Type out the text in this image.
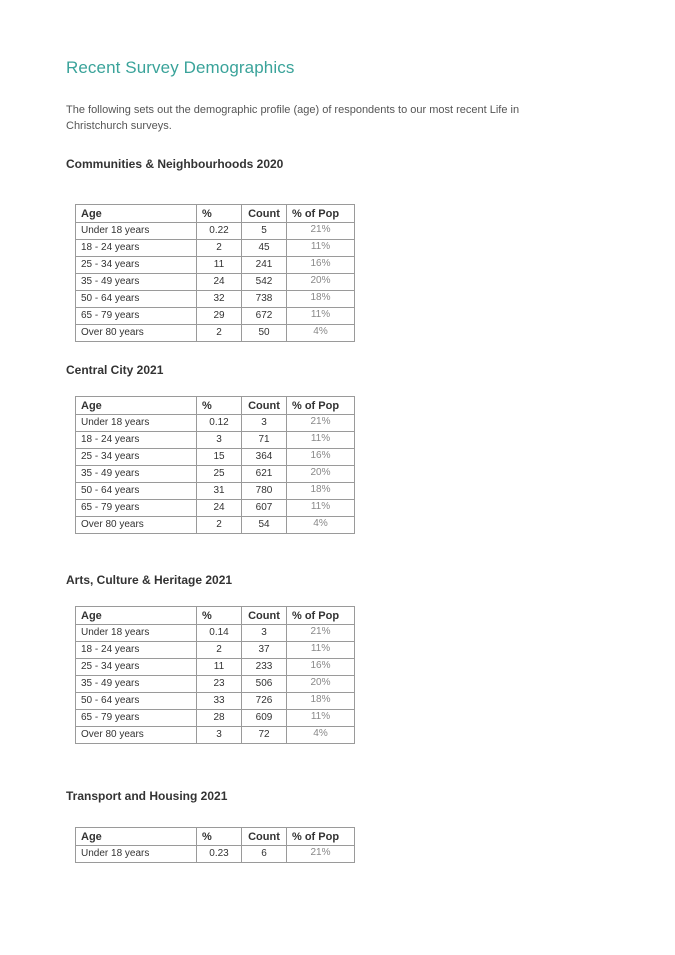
Recent Survey Demographics

The following sets out the demographic profile (age) of respondents to our most recent Life in Christchurch surveys.

Communities & Neighbourhoods 2020
Age	%	Count	% of Pop
Under 18 years	0.22	5	21%
18 - 24 years	2	45	11%
25 - 34 years	11	241	16%
35 - 49 years	24	542	20%
50 - 64 years	32	738	18%
65 - 79 years	29	672	11%
Over 80 years	2	50	4%
Central City 2021
Age	%	Count	% of Pop
Under 18 years	0.12	3	21%
18 - 24 years	3	71	11%
25 - 34 years	15	364	16%
35 - 49 years	25	621	20%
50 - 64 years	31	780	18%
65 - 79 years	24	607	11%
Over 80 years	2	54	4%
Arts, Culture & Heritage 2021
Age	%	Count	% of Pop
Under 18 years	0.14	3	21%
18 - 24 years	2	37	11%
25 - 34 years	11	233	16%
35 - 49 years	23	506	20%
50 - 64 years	33	726	18%
65 - 79 years	28	609	11%
Over 80 years	3	72	4%
Transport and Housing 2021
Age	%	Count	% of Pop
Under 18 years	0.23	6	21%
